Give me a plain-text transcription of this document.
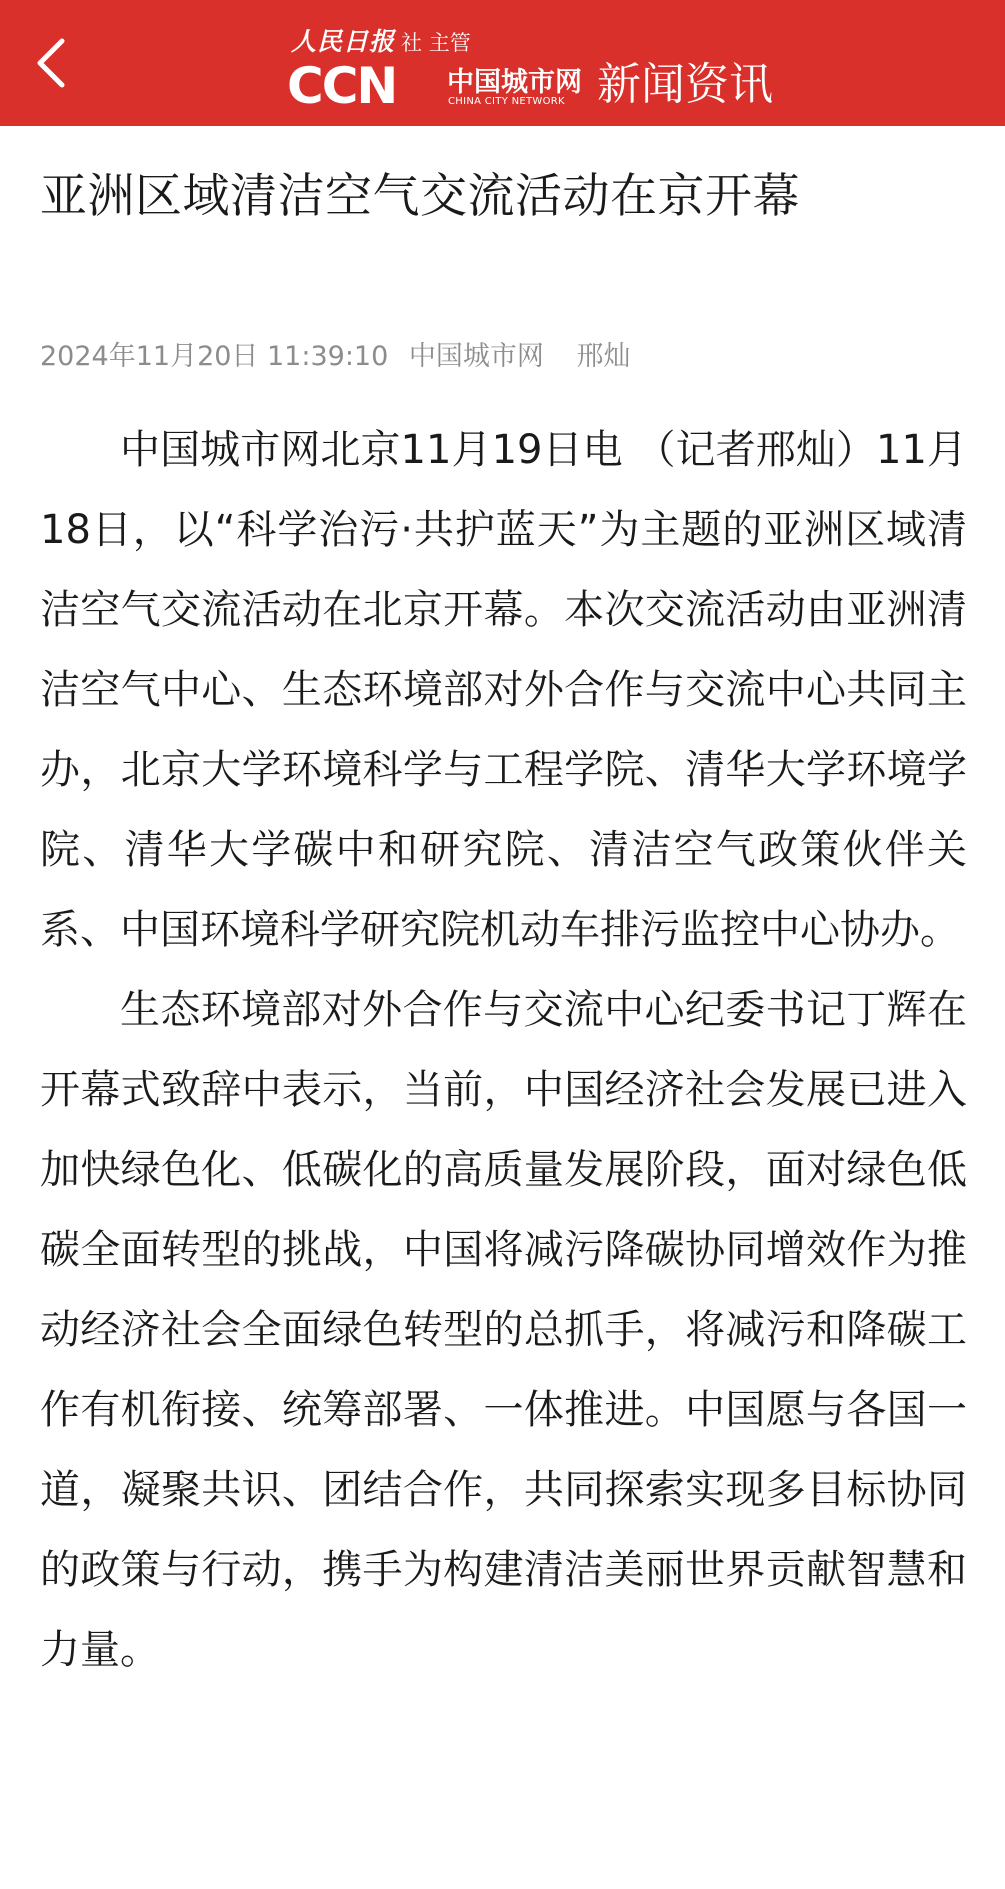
人民日报 社 主管
CCN 中国城市网
CHINA CITY NETWORK 新闻资讯
亚洲区域清洁空气交流活动在京开幕
2024年11月20日 11:39:10 中国城市网 邢灿

中国城市网北京11月19日电 （记者邢灿）11月18日，以“科学治污·共护蓝天”为主题的亚洲区域清洁空气交流活动在北京开幕。本次交流活动由亚洲清洁空气中心、生态环境部对外合作与交流中心共同主办，北京大学环境科学与工程学院、清华大学环境学院、清华大学碳中和研究院、清洁空气政策伙伴关系、中国环境科学研究院机动车排污监控中心协办。

生态环境部对外合作与交流中心纪委书记丁辉在开幕式致辞中表示，当前，中国经济社会发展已进入加快绿色化、低碳化的高质量发展阶段，面对绿色低碳全面转型的挑战，中国将减污降碳协同增效作为推动经济社会全面绿色转型的总抓手，将减污和降碳工作有机衔接、统筹部署、一体推进。中国愿与各国一道，凝聚共识、团结合作，共同探索实现多目标协同的政策与行动，携手为构建清洁美丽世界贡献智慧和力量。
